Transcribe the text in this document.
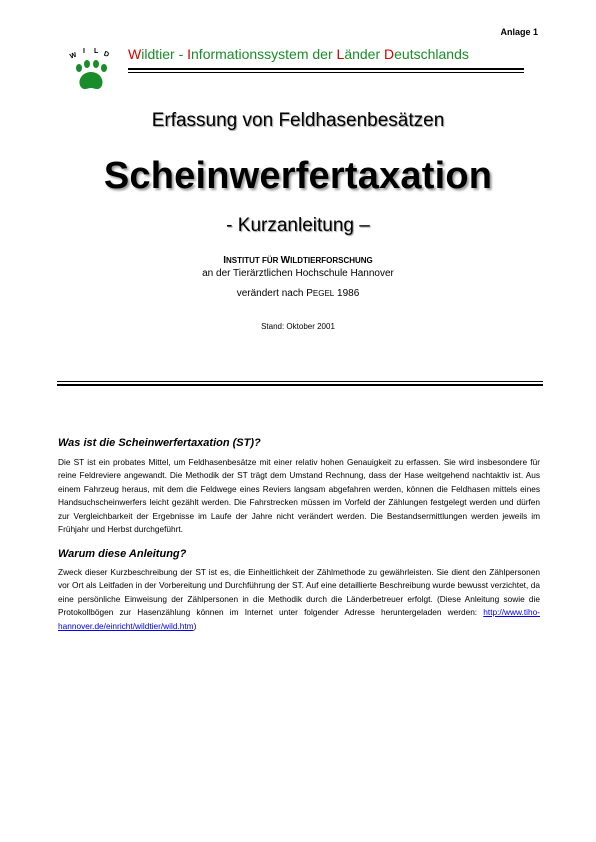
Anlage 1
W
I L D Wildtier - Informationssystem der Länder Deutschlands
Erfassung von Feldhasenbesätzen
Scheinwerfertaxation
- Kurzanleitung –
INSTITUT FÜR WILDTIERFORSCHUNG
an der Tierärztlichen Hochschule Hannover
verändert nach PEGEL 1986
Stand: Oktober 2001
Was ist die Scheinwerfertaxation (ST)?
Die ST ist ein probates Mittel, um Feldhasenbesätze mit einer relativ hohen Genauigkeit zu erfassen. Sie wird insbesondere für reine Feldreviere angewandt. Die Methodik der ST trägt dem Umstand Rechnung, dass der Hase weitgehend nachtaktiv ist. Aus einem Fahrzeug heraus, mit dem die Feldwege eines Reviers langsam abgefahren werden, können die Feldhasen mittels eines Handsuchscheinwerfers leicht gezählt werden. Die Fahrstrecken müssen im Vorfeld der Zählungen festgelegt werden und dürfen zur Vergleichbarkeit der Ergebnisse im Laufe der Jahre nicht verändert werden. Die Bestandsermittlungen werden jeweils im Frühjahr und Herbst durchgeführt.
Warum diese Anleitung?
Zweck dieser Kurzbeschreibung der ST ist es, die Einheitlichkeit der Zählmethode zu gewährleisten. Sie dient den Zählpersonen vor Ort als Leitfaden in der Vorbereitung und Durchführung der ST. Auf eine detaillierte Beschreibung wurde bewusst verzichtet, da eine persönliche Einweisung der Zählpersonen in die Methodik durch die Länderbetreuer erfolgt. (Diese Anleitung sowie die Protokollbögen zur Hasenzählung können im Internet unter folgender Adresse heruntergeladen werden: http://www.tiho-hannover.de/einricht/wildtier/wild.htm)
